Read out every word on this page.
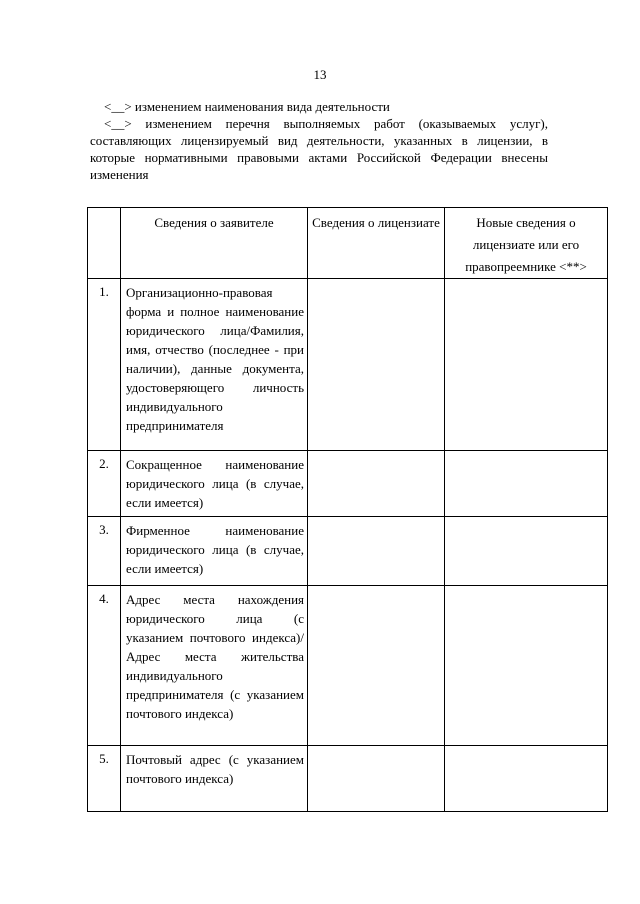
13

<__> изменением наименования вида деятельности

<__> изменением перечня выполняемых работ (оказываемых услуг), составляющих лицензируемый вид деятельности, указанных в лицензии, в которые нормативными правовыми актами Российской Федерации внесены изменения

	Сведения о заявителе	Сведения о лицензиате	Новые сведения о лицензиате или его правопреемнике <**>

1.	Организационно-правовая форма и полное наименование юридического лица/Фамилия, имя, отчество (последнее - при наличии), данные документа, удостоверяющего личность индивидуального предпринимателя		

2.	Сокращенное наименование юридического лица (в случае, если имеется)		

3.	Фирменное наименование юридического лица (в случае, если имеется)		

4.	Адрес места нахождения юридического лица (с указанием почтового индекса)/Адрес места жительства индивидуального предпринимателя (с указанием почтового индекса)		

5.	Почтовый адрес (с указанием почтового индекса)		
